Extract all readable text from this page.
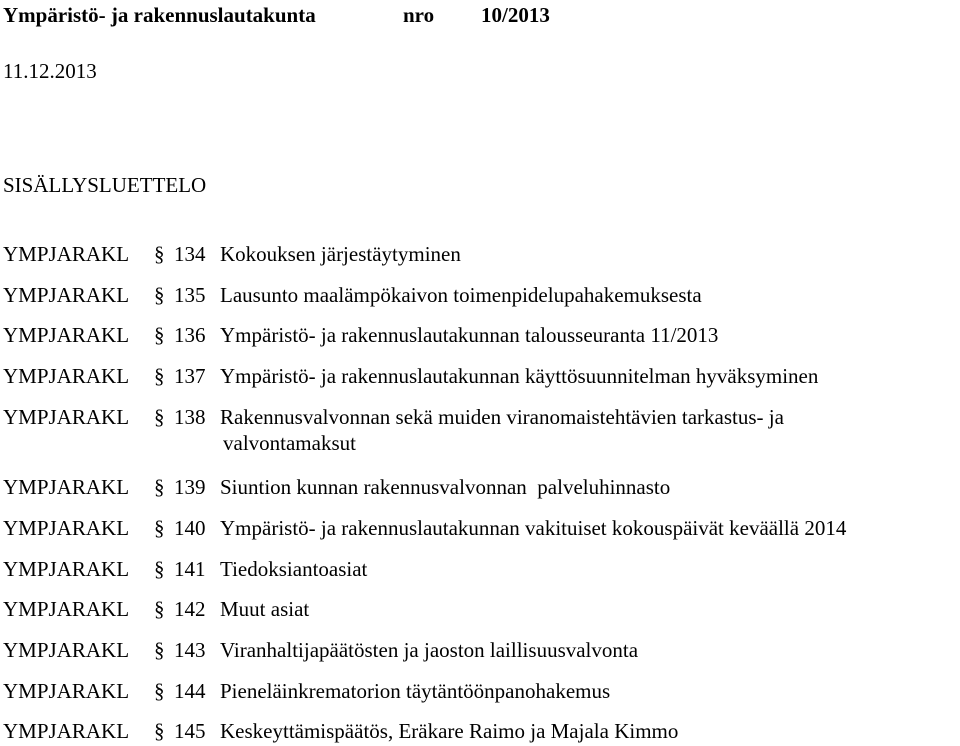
Ympäristö- ja rakennuslautakunta	nro 10/2013
11.12.2013
SISÄLLYSLUETTELO
YMPJARAKL § 134 Kokouksen järjestäytyminen
YMPJARAKL § 135 Lausunto maalämpökaivon toimenpidelupahakemuksesta
YMPJARAKL § 136 Ympäristö- ja rakennuslautakunnan talousseuranta 11/2013
YMPJARAKL § 137 Ympäristö- ja rakennuslautakunnan käyttösuunnitelman hyväksyminen
YMPJARAKL § 138 Rakennusvalvonnan sekä muiden viranomaistehtävien tarkastus- ja
valvontamaksut
YMPJARAKL § 139 Siuntion kunnan rakennusvalvonnan  palveluhinnasto
YMPJARAKL § 140 Ympäristö- ja rakennuslautakunnan vakituiset kokouspäivät keväällä 2014
YMPJARAKL § 141 Tiedoksiantoasiat
YMPJARAKL § 142 Muut asiat
YMPJARAKL § 143 Viranhaltijapäätösten ja jaoston laillisuusvalvonta
YMPJARAKL § 144 Pieneläinkrematorion täytäntöönpanohakemus
YMPJARAKL § 145 Keskeyttämispäätös, Eräkare Raimo ja Majala Kimmo
